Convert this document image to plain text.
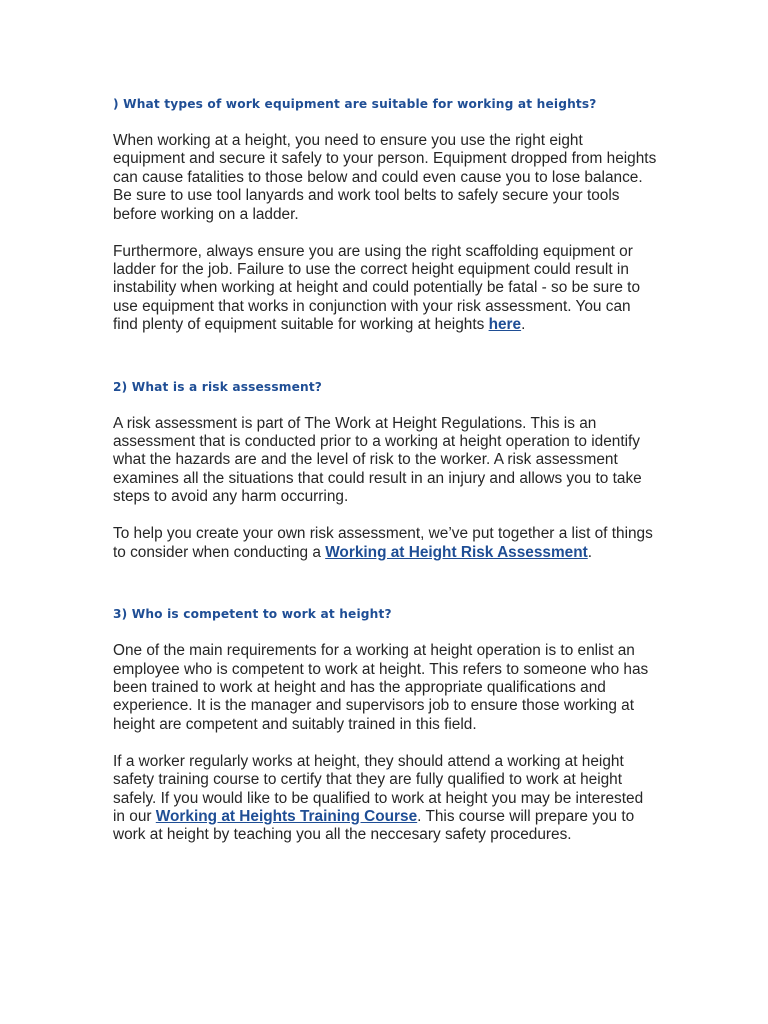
) What types of work equipment are suitable for working at heights?

When working at a height, you need to ensure you use the right eight equipment and secure it safely to your person. Equipment dropped from heights can cause fatalities to those below and could even cause you to lose balance. Be sure to use tool lanyards and work tool belts to safely secure your tools before working on a ladder.

Furthermore, always ensure you are using the right scaffolding equipment or ladder for the job. Failure to use the correct height equipment could result in instability when working at height and could potentially be fatal - so be sure to use equipment that works in conjunction with your risk assessment. You can find plenty of equipment suitable for working at heights here.

2) What is a risk assessment?

A risk assessment is part of The Work at Height Regulations. This is an assessment that is conducted prior to a working at height operation to identify what the hazards are and the level of risk to the worker. A risk assessment examines all the situations that could result in an injury and allows you to take steps to avoid any harm occurring.

To help you create your own risk assessment, we’ve put together a list of things to consider when conducting a Working at Height Risk Assessment.

3) Who is competent to work at height?

One of the main requirements for a working at height operation is to enlist an employee who is competent to work at height. This refers to someone who has been trained to work at height and has the appropriate qualifications and experience. It is the manager and supervisors job to ensure those working at height are competent and suitably trained in this field.

If a worker regularly works at height, they should attend a working at height safety training course to certify that they are fully qualified to work at height safely. If you would like to be qualified to work at height you may be interested in our Working at Heights Training Course. This course will prepare you to work at height by teaching you all the neccesary safety procedures.
